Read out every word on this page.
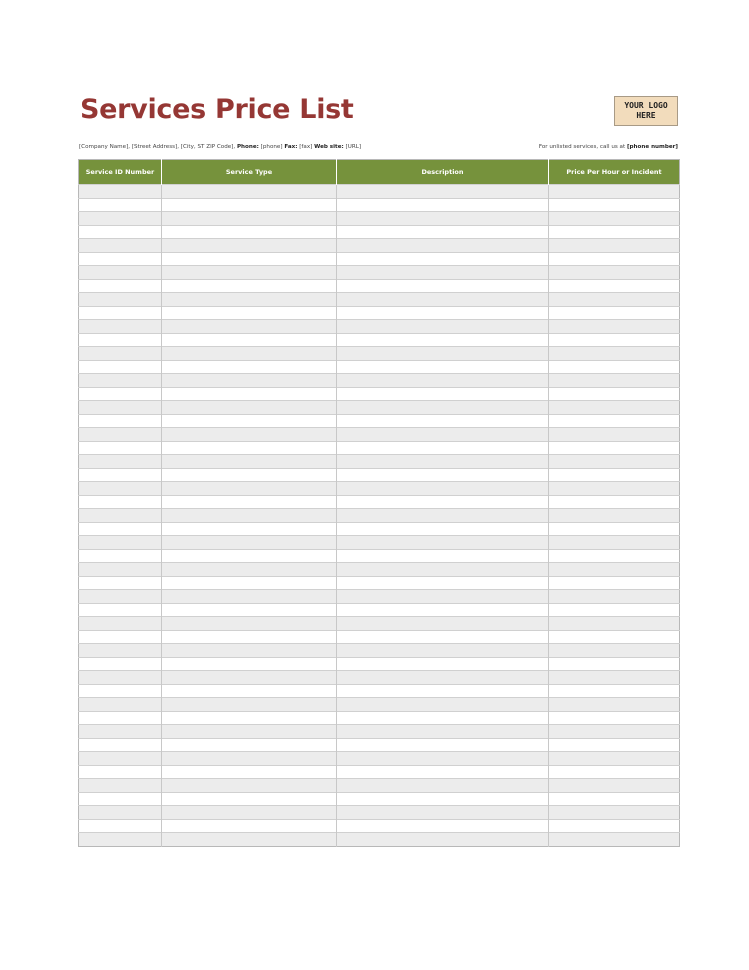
Services Price List	YOUR LOGO
HERE
[Company Name], [Street Address], [City, ST ZIP Code], Phone: [phone] Fax: [fax] Web site: [URL]	For unlisted services, call us at [phone number]
Service ID Number	Service Type	Description	Price Per Hour or Incident
